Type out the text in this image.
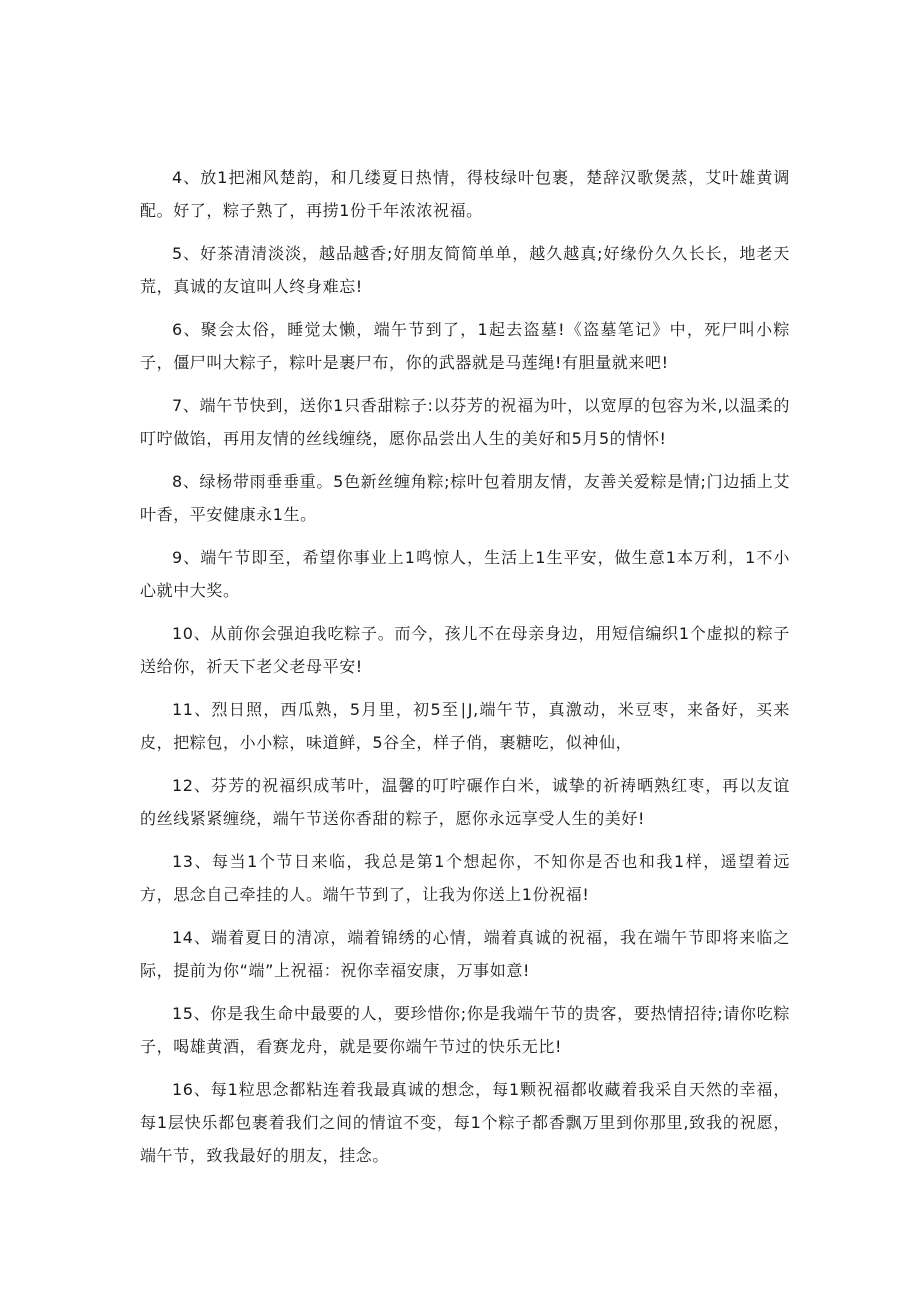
4、放1把湘风楚韵，和几缕夏日热情，得枝绿叶包裹，楚辞汉歌煲蒸，艾叶雄黄调配。好了，粽子熟了，再捞1份千年浓浓祝福。

5、好茶清清淡淡，越品越香;好朋友简简单单，越久越真;好缘份久久长长，地老天荒，真诚的友谊叫人终身难忘!

6、聚会太俗，睡觉太懒，端午节到了，1起去盗墓!《盗墓笔记》中，死尸叫小粽子，僵尸叫大粽子，粽叶是裹尸布，你的武器就是马莲绳!有胆量就来吧!

7、端午节快到，送你1只香甜粽子:以芬芳的祝福为叶，以宽厚的包容为米,以温柔的叮咛做馅，再用友情的丝线缠绕，愿你品尝出人生的美好和5月5的情怀!

8、绿杨带雨垂垂重。5色新丝缠角粽;棕叶包着朋友情，友善关爱粽是情;门边插上艾叶香，平安健康永1生。

9、端午节即至，希望你事业上1鸣惊人，生活上1生平安，做生意1本万利，1不小心就中大奖。

10、从前你会强迫我吃粽子。而今，孩儿不在母亲身边，用短信编织1个虚拟的粽子送给你，祈天下老父老母平安!

11、烈日照，西瓜熟，5月里，初5至∣J,端午节，真激动，米豆枣，来备好，买来皮，把粽包，小小粽，味道鲜，5谷全，样子俏，裹糖吃，似神仙，

12、芬芳的祝福织成苇叶，温馨的叮咛碾作白米，诚挚的祈祷晒熟红枣，再以友谊的丝线紧紧缠绕，端午节送你香甜的粽子，愿你永远享受人生的美好!

13、每当1个节日来临，我总是第1个想起你，不知你是否也和我1样，遥望着远方，思念自己牵挂的人。端午节到了，让我为你送上1份祝福!

14、端着夏日的清凉，端着锦绣的心情，端着真诚的祝福，我在端午节即将来临之际，提前为你“端”上祝福：祝你幸福安康，万事如意!

15、你是我生命中最要的人，要珍惜你;你是我端午节的贵客，要热情招待;请你吃粽子，喝雄黄酒，看赛龙舟，就是要你端午节过的快乐无比!

16、每1粒思念都粘连着我最真诚的想念，每1颗祝福都收藏着我采自天然的幸福，每1层快乐都包裹着我们之间的情谊不变，每1个粽子都香飘万里到你那里,致我的祝愿，端午节，致我最好的朋友，挂念。
